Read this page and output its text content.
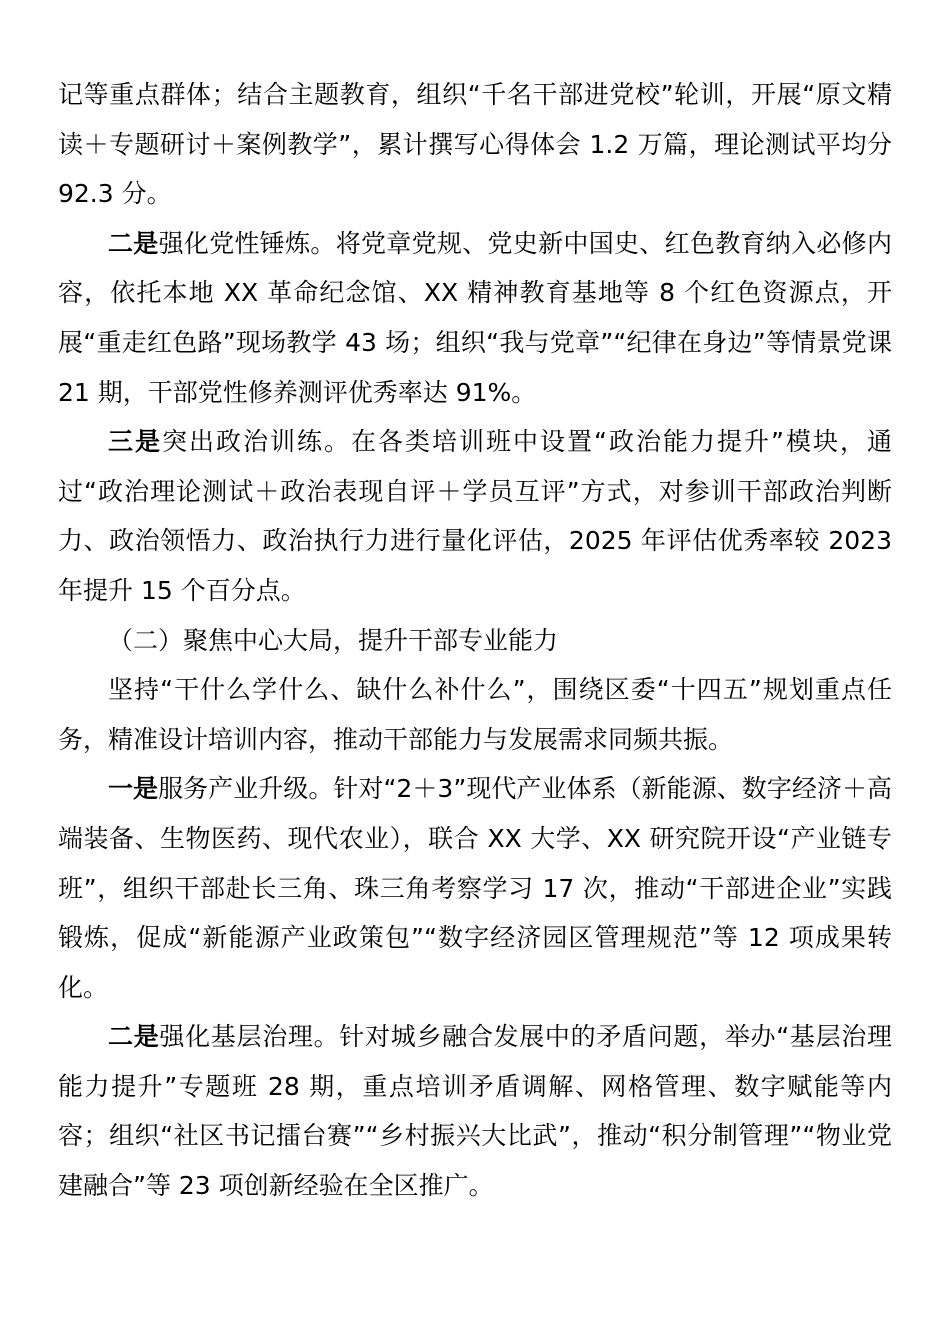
记等重点群体；结合主题教育，组织“千名干部进党校”轮训，开展“原文精读＋专题研讨＋案例教学”，累计撰写心得体会 1.2 万篇，理论测试平均分 92.3 分。

二是强化党性锤炼。将党章党规、党史新中国史、红色教育纳入必修内容，依托本地 XX 革命纪念馆、XX 精神教育基地等 8 个红色资源点，开展“重走红色路”现场教学 43 场；组织“我与党章”“纪律在身边”等情景党课 21 期，干部党性修养测评优秀率达 91%。

三是突出政治训练。在各类培训班中设置“政治能力提升”模块，通过“政治理论测试＋政治表现自评＋学员互评”方式，对参训干部政治判断力、政治领悟力、政治执行力进行量化评估，2025 年评估优秀率较 2023 年提升 15 个百分点。

（二）聚焦中心大局，提升干部专业能力

坚持“干什么学什么、缺什么补什么”，围绕区委“十四五”规划重点任务，精准设计培训内容，推动干部能力与发展需求同频共振。

一是服务产业升级。针对“2＋3”现代产业体系（新能源、数字经济＋高端装备、生物医药、现代农业），联合 XX 大学、XX 研究院开设“产业链专班”，组织干部赴长三角、珠三角考察学习 17 次，推动“干部进企业”实践锻炼，促成“新能源产业政策包”“数字经济园区管理规范”等 12 项成果转化。

二是强化基层治理。针对城乡融合发展中的矛盾问题，举办“基层治理能力提升”专题班 28 期，重点培训矛盾调解、网格管理、数字赋能等内容；组织“社区书记擂台赛”“乡村振兴大比武”，推动“积分制管理”“物业党建融合”等 23 项创新经验在全区推广。
